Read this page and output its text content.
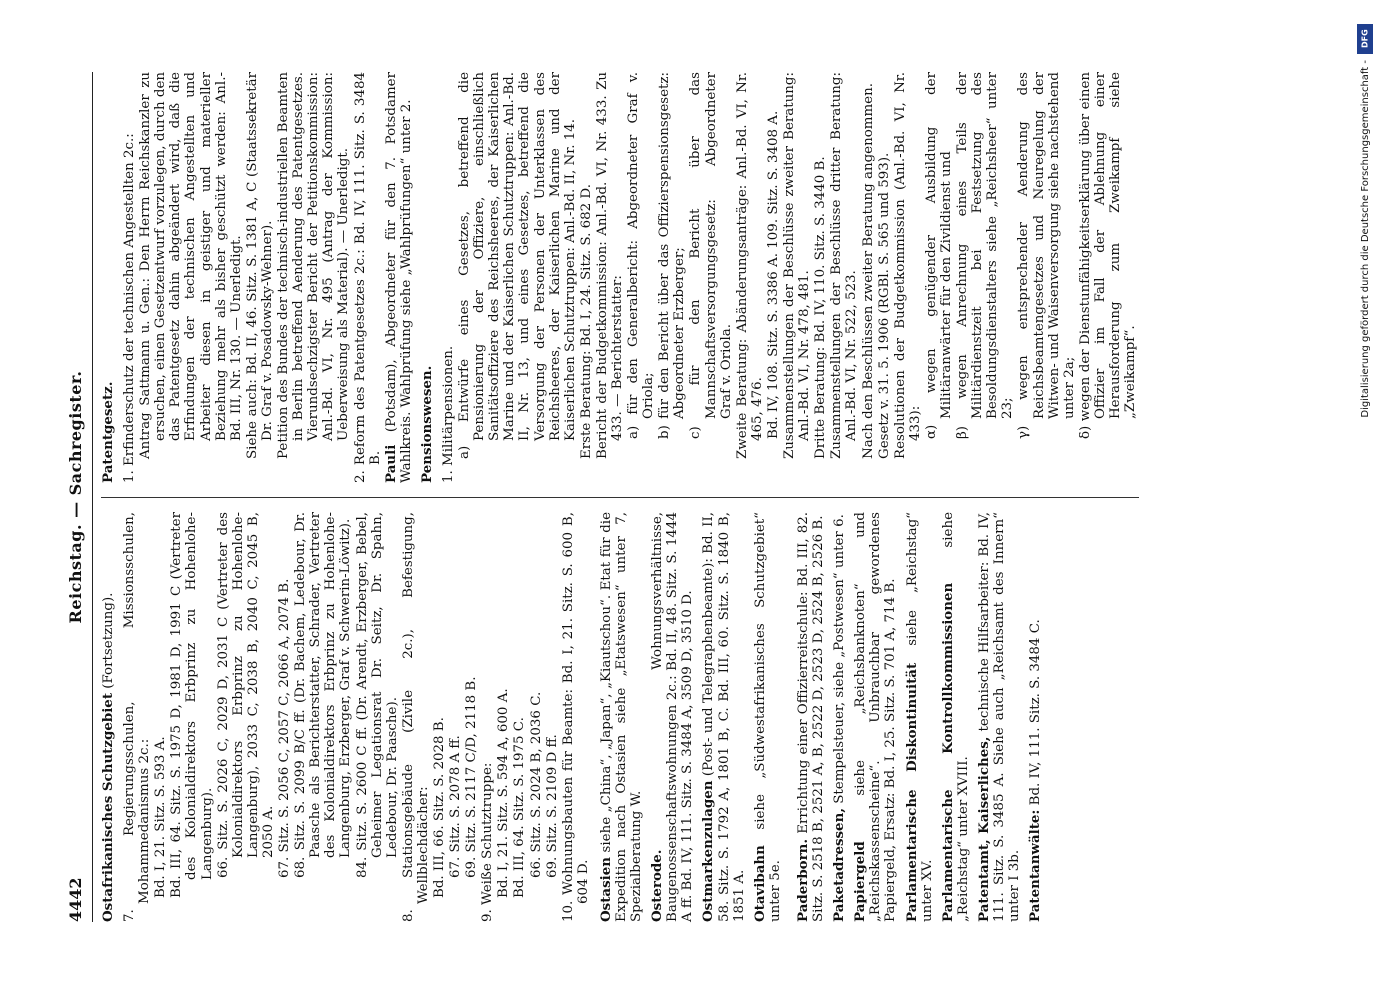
4442
Reichstag. — Sachregister.
Ostafrikanisches Schutzgebiet (Fortsetzung). 7. Regierungsschulen, Missionsschulen, Mohammedanismus 2c.: Bd. I, 21. Sitz. S. 593 A. Bd. III, 64. Sitz. S. 1975 D, 1981 D, 1991 C (Vertreter des Kolonialdirektors Erbprinz zu Hohenlohe-Langenburg). 66. Sitz. S. 2026 C, 2029 D, 2031 C (Vertreter des Kolonialdirektors Erbprinz zu Hohenlohe-Langenburg), 2033 C, 2038 B, 2040 C, 2045 B, 2050 A. 67. Sitz. S. 2056 C, 2057 C, 2066 A, 2074 B. 68. Sitz. S. 2099 B/C ff. (Dr. Bachem, Ledebour, Dr. Paasche als Berichterstatter, Schrader, Vertreter des Kolonialdirektors Erbprinz zu Hohenlohe-Langenburg, Erzberger, Graf v. Schwerin-Löwitz). 84. Sitz. S. 2600 C ff. (Dr. Arendt, Erzberger, Bebel, Geheimer Legationsrat Dr. Seitz, Dr. Spahn, Ledebour, Dr. Paasche). 8. Stationsgebäude (Zivile 2c.), Befestigung, Wellblechdächer: Bd. III, 66. Sitz. S. 2028 B. 67. Sitz. S. 2078 A ff. 69. Sitz. S. 2117 C/D, 2118 B. 9. Weiße Schutztruppe: Bd. I, 21. Sitz. S. 594 A, 600 A. Bd. III, 64. Sitz. S. 1975 C. 66. Sitz. S. 2024 B, 2036 C. 69. Sitz. S. 2109 D ff. 10. Wohnungsbauten für Beamte: Bd. I, 21. Sitz. S. 600 B, 604 D. Ostasien siehe „China“, „Japan“, „Kiautschou“. Etat für die Expedition nach Ostasien siehe „Etatswesen“ unter 7, Spezialberatung W. Osterode. Wohnungsverhältnisse, Baugenossenschaftswohnungen 2c.: Bd. II, 48. Sitz. S. 1444 A ff. Bd. IV, 111. Sitz. S. 3484 A, 3509 D, 3510 D. Ostmarkenzulagen (Post- und Telegraphenbeamte): Bd. II, 58. Sitz. S. 1792 A, 1801 B, C. Bd. III, 60. Sitz. S. 1840 B, 1851 A. Otavibahn siehe „Südwestafrikanisches Schutzgebiet“ unter 5e. Paderborn. Errichtung einer Offizierreitschule: Bd. III, 82. Sitz. S. 2518 B, 2521 A, B, 2522 D, 2523 D, 2524 B, 2526 B. Paketadressen, Stempelsteuer, siehe „Postwesen“ unter 6.
Papiergeld siehe „Reichsbanknoten“ und „Reichskassenscheine“. Unbrauchbar gewordenes Papiergeld, Ersatz: Bd. I, 25. Sitz. S. 701 A, 714 B. Parlamentarische Diskontinuität siehe „Reichstag“ unter XV. Parlamentarische Kontrollkommissionen siehe „Reichstag“ unter XVIII. Patentamt, Kaiserliches, technische Hilfsarbeiter: Bd. IV, 111. Sitz. S. 3485 A. Siehe auch „Reichsamt des Innern“ unter I 3b. Patentanwälte: Bd. IV, 111. Sitz. S. 3484 C.
Patentgesetz. 1. Erfinderschutz der technischen Angestellten 2c.: Antrag Sattmann u. Gen.: Den Herrn Reichskanzler zu ersuchen, einen Gesetzentwurf vorzulegen, durch den das Patentgesetz dahin abgeändert wird, daß die Erfindungen der technischen Angestellten und Arbeiter diesen in geistiger und materieller Beziehung mehr als bisher geschützt werden: Anl.-Bd. III, Nr. 130. — Unerledigt. Siehe auch: Bd. II, 46. Sitz. S. 1381 A, C (Staatssekretär Dr. Graf v. Posadowsky-Wehner). Petition des Bundes der technisch-industriellen Beamten in Berlin betreffend Aenderung des Patentgesetzes. Vierundsechzigster Bericht der Petitionskommission: Anl.-Bd. VI, Nr. 495 (Antrag der Kommission: Ueberweisung als Material). — Unerledigt. 2. Reform des Patentgesetzes 2c.: Bd. IV, 111. Sitz. S. 3484 B. Pauli (Potsdam), Abgeordneter für den 7. Potsdamer Wahlkreis. Wahlprüfung siehe „Wahlprüfungen“ unter 2. Pensionswesen. 1. Militärpensionen. a) Entwürfe eines Gesetzes, betreffend die Pensionierung der Offiziere, einschließlich Sanitätsoffiziere des Reichsheeres, der Kaiserlichen Marine und der Kaiserlichen Schutztruppen: Anl.-Bd. II, Nr. 13, und eines Gesetzes, betreffend die Versorgung der Personen der Unterklassen des Reichsheeres, der Kaiserlichen Marine und der Kaiserlichen Schutztruppen: Anl.-Bd. II, Nr. 14. Erste Beratung: Bd. I, 24. Sitz. S. 682 D. Bericht der Budgetkommission: Anl.-Bd. VI, Nr. 433. Zu 433. — Berichterstatter: a) für den Generalbericht: Abgeordneter Graf v. Oriola; b) für den Bericht über das Offizierspensionsgesetz: Abgeordneter Erzberger; c) für den Bericht über das Mannschaftsversorgungsgesetz: Abgeordneter Graf v. Oriola. Zweite Beratung: Abänderungsanträge: Anl.-Bd. VI, Nr. 465, 476. Bd. IV, 108. Sitz. S. 3386 A. 109. Sitz. S. 3408 A. Zusammenstellungen der Beschlüsse zweiter Beratung: Anl.-Bd. VI, Nr. 478, 481. Dritte Beratung: Bd. IV, 110. Sitz. S. 3440 B. Zusammenstellungen der Beschlüsse dritter Beratung: Anl.-Bd. VI, Nr. 522, 523. Nach den Beschlüssen zweiter Beratung angenommen. Gesetz v. 31. 5. 1906 (RGBl. S. 565 und 593). Resolutionen der Budgetkommission (Anl.-Bd. VI, Nr. 433): α) wegen genügender Ausbildung der Militäranwärter für den Zivildienst und β) wegen Anrechnung eines Teils der Militärdienstzeit bei Festsetzung des Besoldungsdienstalters siehe „Reichsheer“ unter 23; γ) wegen entsprechender Aenderung des Reichsbeamtengesetzes und Neuregelung der Witwen- und Waisenversorgung siehe nachstehend unter 2a; δ) wegen der Dienstunfähigkeitserklärung über einen Offizier im Fall der Ablehnung einer Herausforderung zum Zweikampf siehe „Zweikampf“.
DFG
Digitalisierung gefördert durch die Deutsche Forschungsgemeinschaft -
